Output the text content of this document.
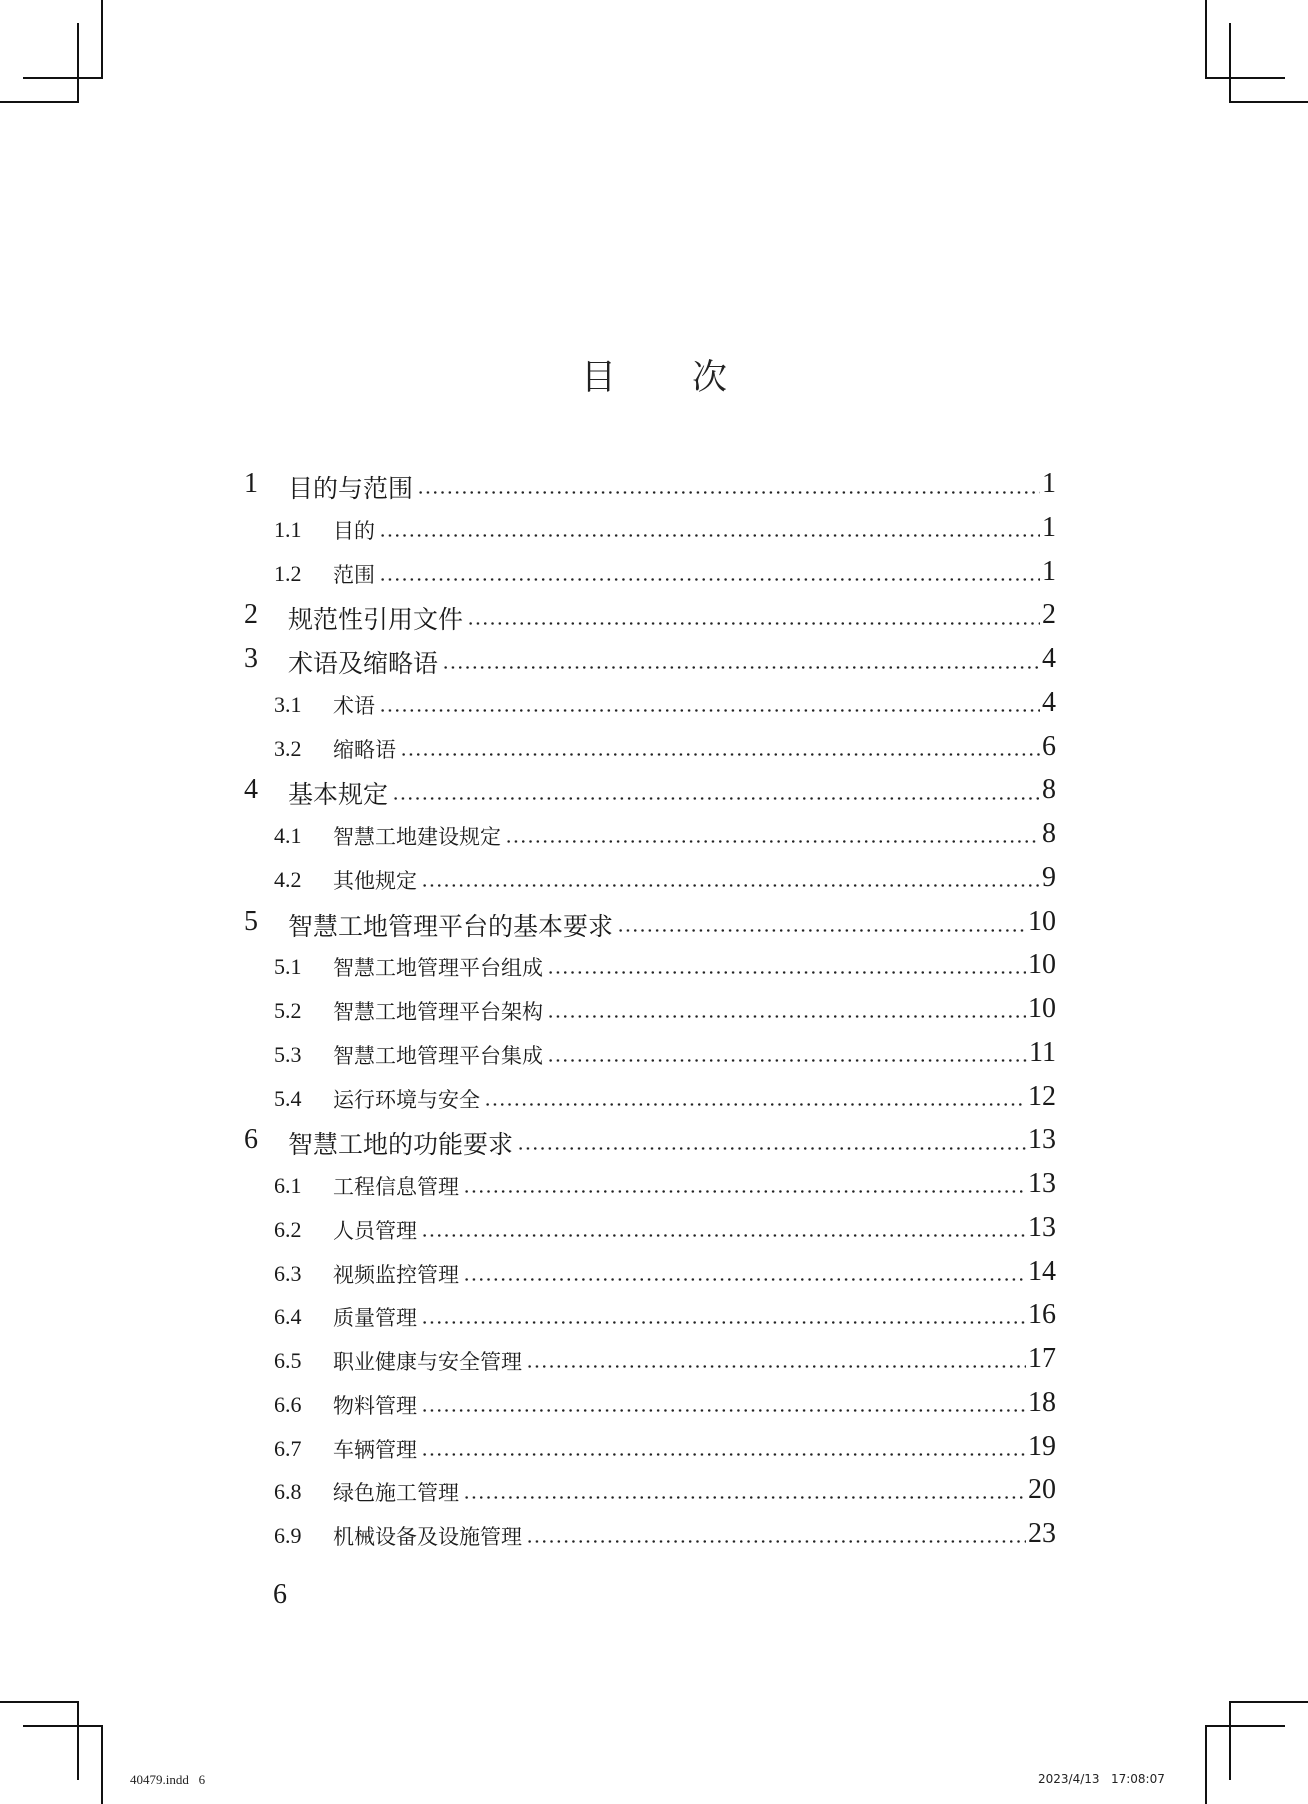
目 次
1 目的与范围	1
1.1 目的	1
1.2 范围	1
2 规范性引用文件	2
3 术语及缩略语	4
3.1 术语	4
3.2 缩略语	6
4 基本规定	8
4.1 智慧工地建设规定	8
4.2 其他规定	9
5 智慧工地管理平台的基本要求	10
5.1 智慧工地管理平台组成	10
5.2 智慧工地管理平台架构	10
5.3 智慧工地管理平台集成	11
5.4 运行环境与安全	12
6 智慧工地的功能要求	13
6.1 工程信息管理	13
6.2 人员管理	13
6.3 视频监控管理	14
6.4 质量管理	16
6.5 职业健康与安全管理	17
6.6 物料管理	18
6.7 车辆管理	19
6.8 绿色施工管理	20
6.9 机械设备及设施管理	23
6
40479.indd   6	2023/4/13   17:08:07
